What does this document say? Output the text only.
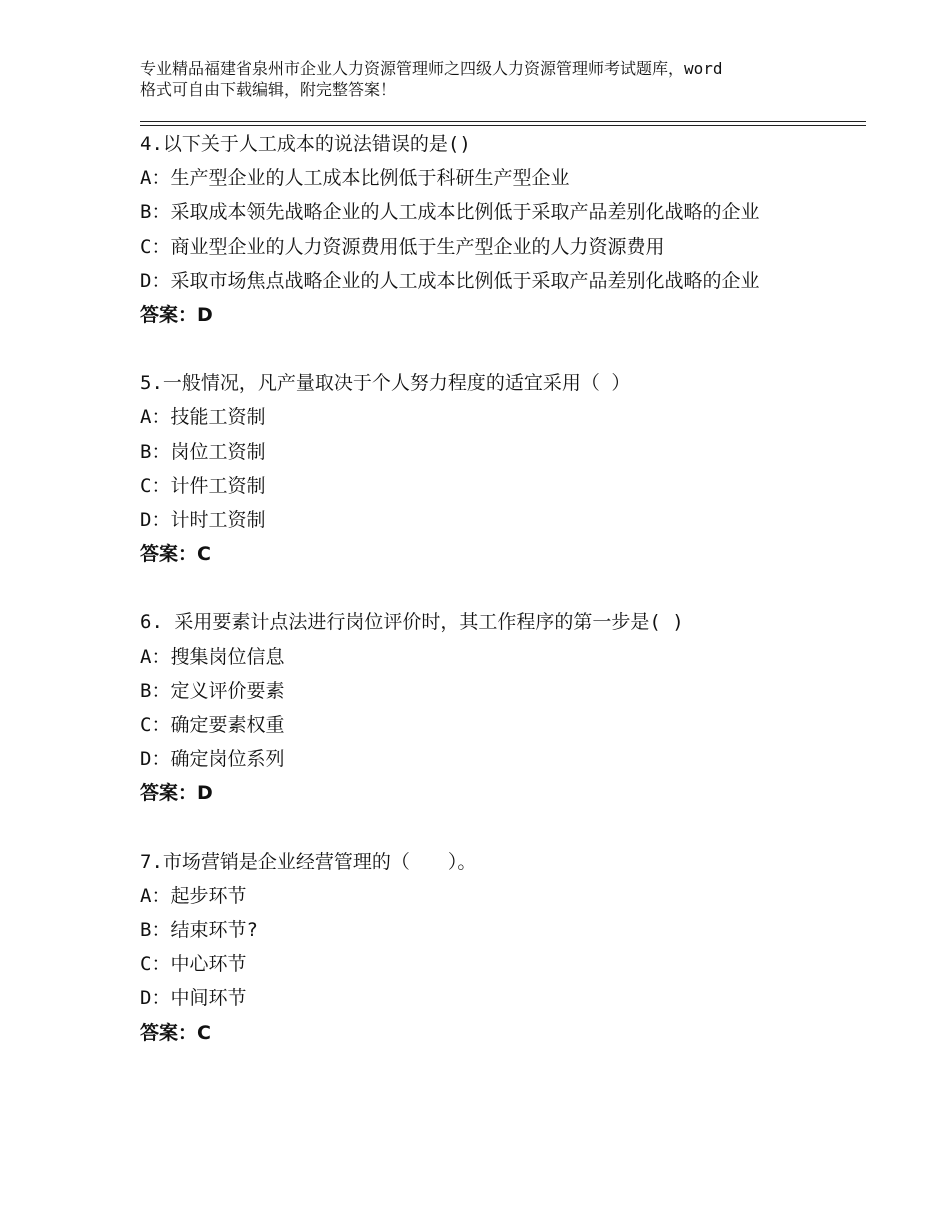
专业精品福建省泉州市企业人力资源管理师之四级人力资源管理师考试题库，word
格式可自由下载编辑，附完整答案！
4.以下关于人工成本的说法错误的是()
A：生产型企业的人工成本比例低于科研生产型企业
B：采取成本领先战略企业的人工成本比例低于采取产品差别化战略的企业
C：商业型企业的人力资源费用低于生产型企业的人力资源费用
D：采取市场焦点战略企业的人工成本比例低于采取产品差别化战略的企业
答案：D
5.一般情况，凡产量取决于个人努力程度的适宜采用（ ）
A：技能工资制
B：岗位工资制
C：计件工资制
D：计时工资制
答案：C
6. 采用要素计点法进行岗位评价时，其工作程序的第一步是( )
A：搜集岗位信息
B：定义评价要素
C：确定要素权重
D：确定岗位系列
答案：D
7.市场营销是企业经营管理的（　　）。
A：起步环节
B：结束环节?
C：中心环节
D：中间环节
答案：C
